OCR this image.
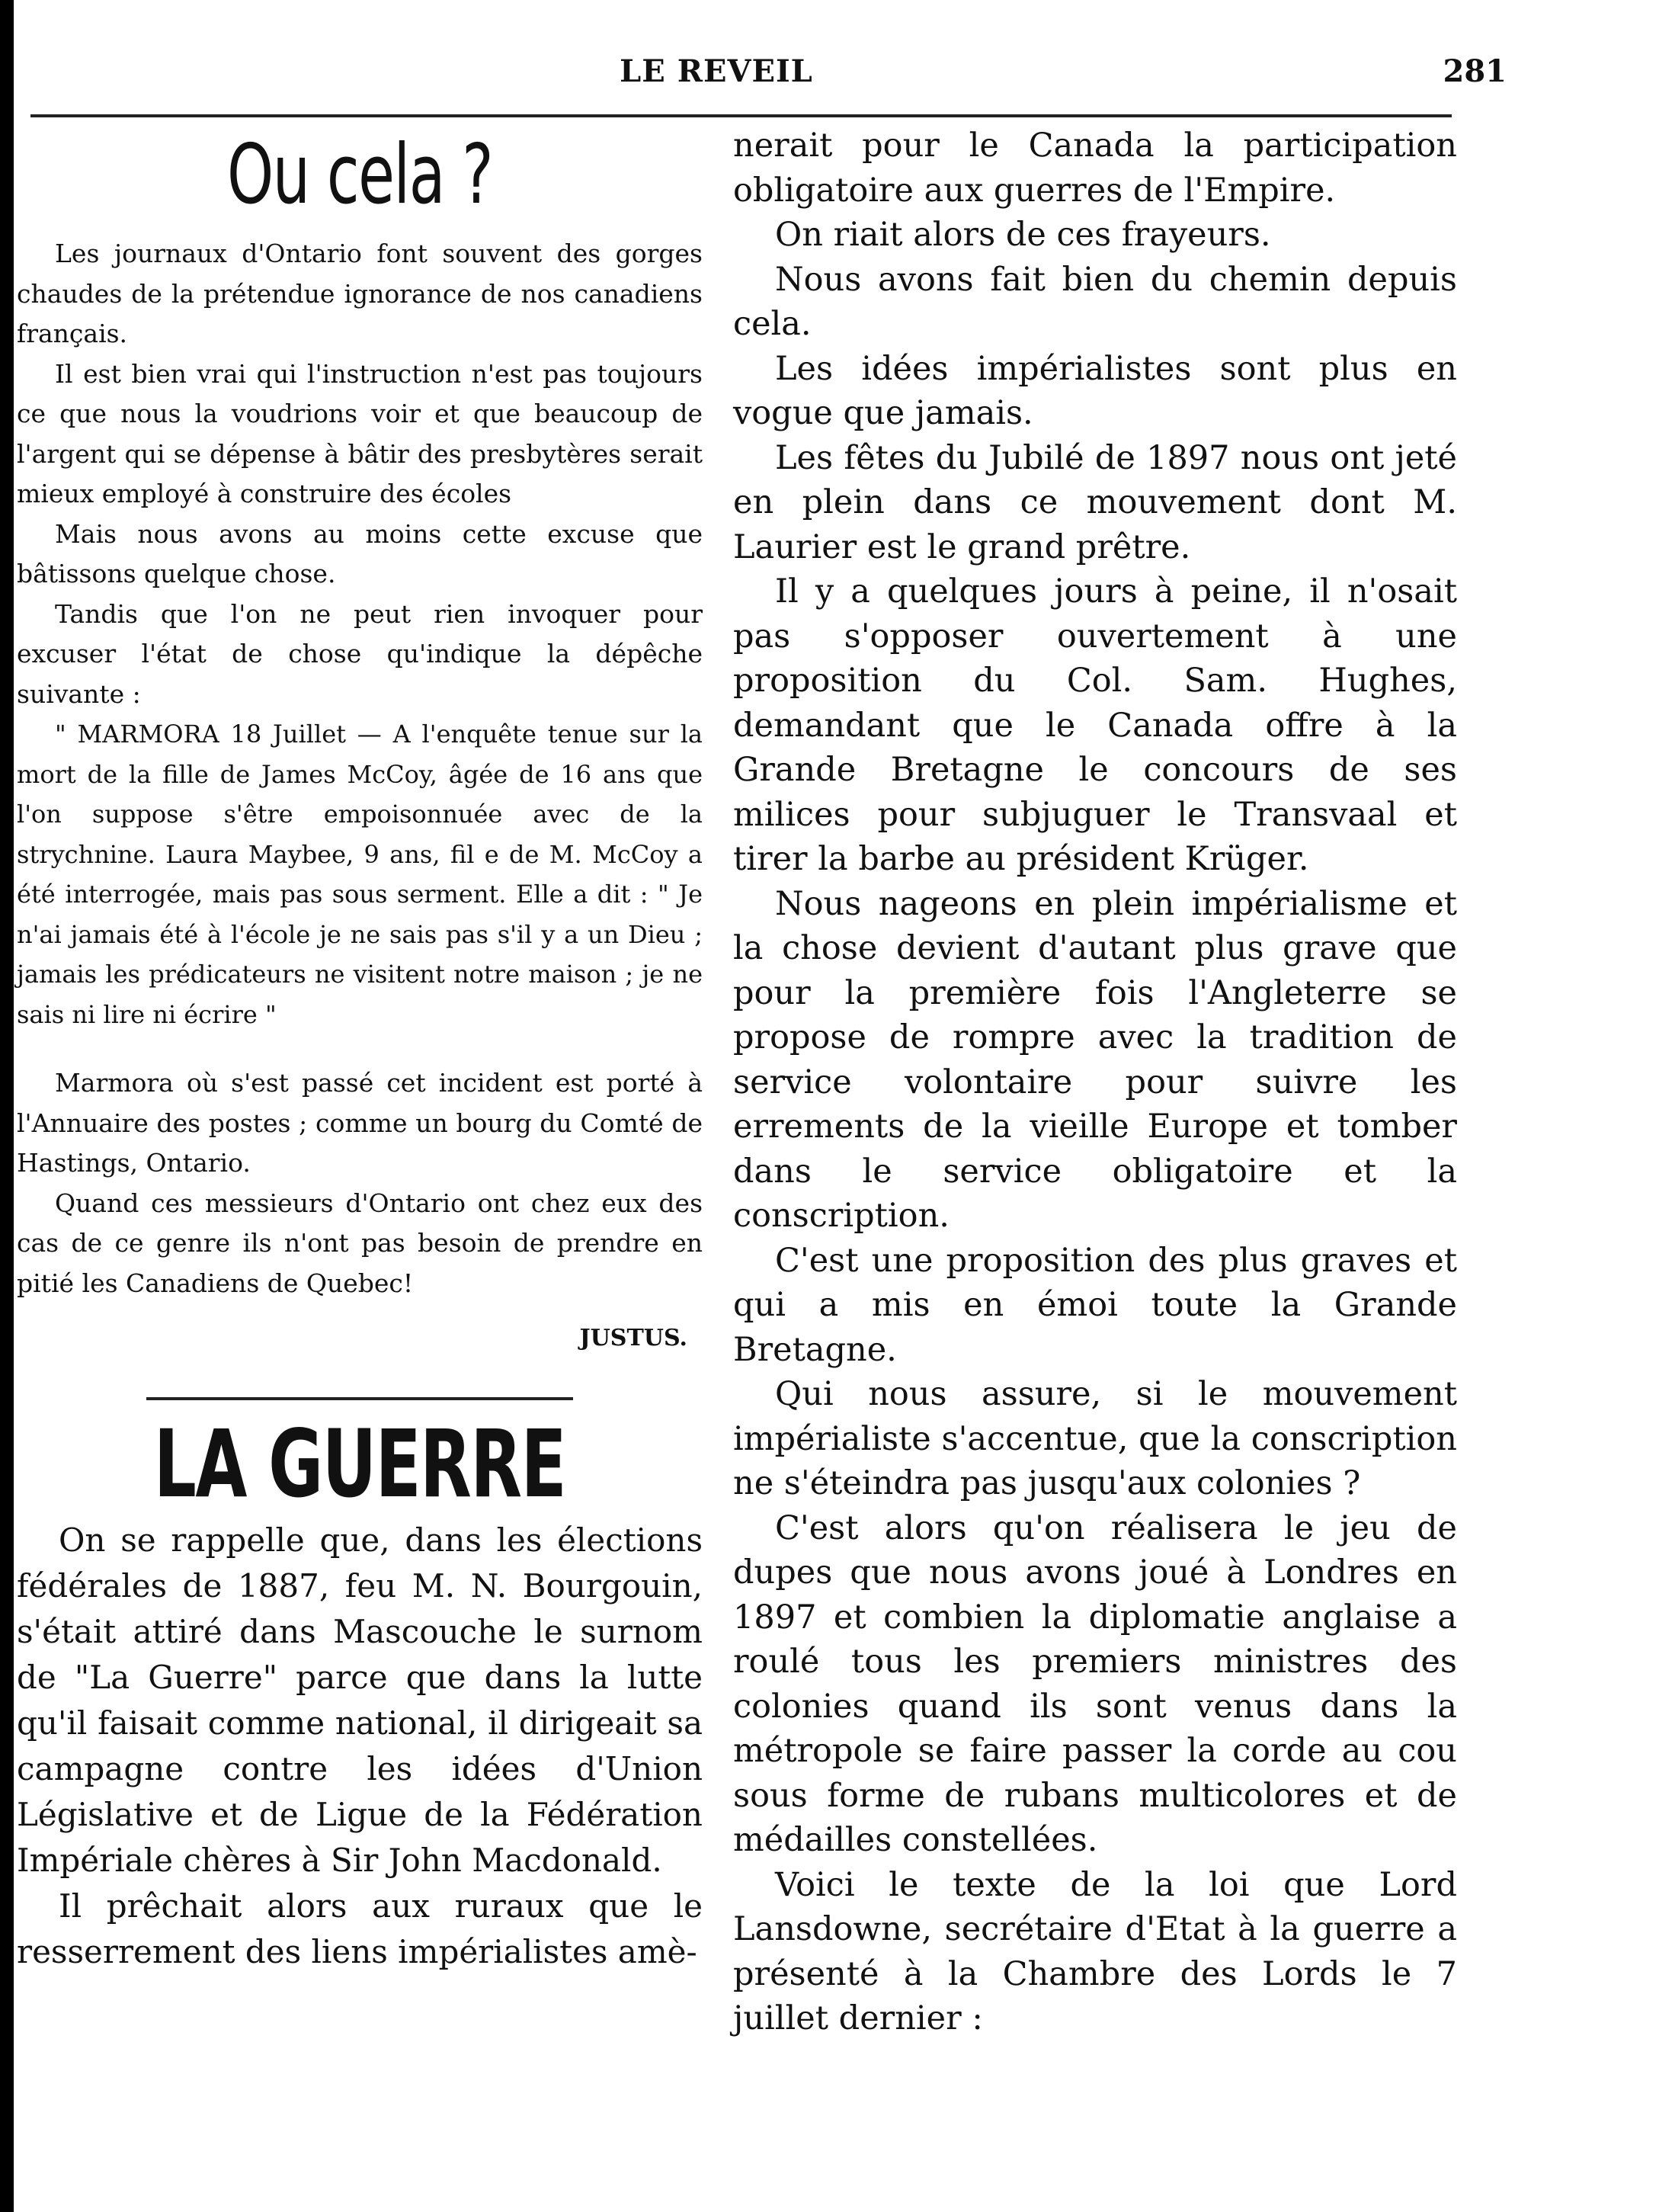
LE REVEIL	281
Ou cela ?

Les journaux d'Ontario font souvent des gorges chaudes de la prétendue ignorance de nos canadiens français.

Il est bien vrai qui l'instruction n'est pas toujours ce que nous la voudrions voir et que beaucoup de l'argent qui se dépense à bâtir des presbytères serait mieux employé à construire des écoles

Mais nous avons au moins cette excuse que bâtissons quelque chose.

Tandis que l'on ne peut rien invoquer pour excuser l'état de chose qu'indique la dépêche suivante :

" MARMORA 18 Juillet — A l'enquête tenue sur la mort de la fille de James McCoy, âgée de 16 ans que l'on suppose s'être empoisonnuée avec de la strychnine. Laura Maybee, 9 ans, fil e de M. McCoy a été interrogée, mais pas sous serment. Elle a dit : " Je n'ai jamais été à l'école je ne sais pas s'il y a un Dieu ; jamais les prédicateurs ne visitent notre maison ; je ne sais ni lire ni écrire "

Marmora où s'est passé cet incident est porté à l'Annuaire des postes ; comme un bourg du Comté de Hastings, Ontario.

Quand ces messieurs d'Ontario ont chez eux des cas de ce genre ils n'ont pas besoin de prendre en pitié les Canadiens de Quebec!

JUSTUS.
LA GUERRE

On se rappelle que, dans les élections fédérales de 1887, feu M. N. Bourgouin, s'était attiré dans Mascouche le surnom de "La Guerre" parce que dans la lutte qu'il faisait comme national, il dirigeait sa campagne contre les idées d'Union Législative et de Ligue de la Fédération Impériale chères à Sir John Macdonald.

Il prêchait alors aux ruraux que le resserrement des liens impérialistes amè-

nerait pour le Canada la participation obligatoire aux guerres de l'Empire.

On riait alors de ces frayeurs.

Nous avons fait bien du chemin depuis cela.

Les idées impérialistes sont plus en vogue que jamais.

Les fêtes du Jubilé de 1897 nous ont jeté en plein dans ce mouvement dont M. Laurier est le grand prêtre.

Il y a quelques jours à peine, il n'osait pas s'opposer ouvertement à une proposition du Col. Sam. Hughes, demandant que le Canada offre à la Grande Bretagne le concours de ses milices pour subjuguer le Transvaal et tirer la barbe au président Krüger.

Nous nageons en plein impérialisme et la chose devient d'autant plus grave que pour la première fois l'Angleterre se propose de rompre avec la tradition de service volontaire pour suivre les errements de la vieille Europe et tomber dans le service obligatoire et la conscription.

C'est une proposition des plus graves et qui a mis en émoi toute la Grande Bretagne.

Qui nous assure, si le mouvement impérialiste s'accentue, que la conscription ne s'éteindra pas jusqu'aux colonies ?

C'est alors qu'on réalisera le jeu de dupes que nous avons joué à Londres en 1897 et combien la diplomatie anglaise a roulé tous les premiers ministres des colonies quand ils sont venus dans la métropole se faire passer la corde au cou sous forme de rubans multicolores et de médailles constellées.

Voici le texte de la loi que Lord Lansdowne, secrétaire d'Etat à la guerre a présenté à la Chambre des Lords le 7 juillet dernier :
